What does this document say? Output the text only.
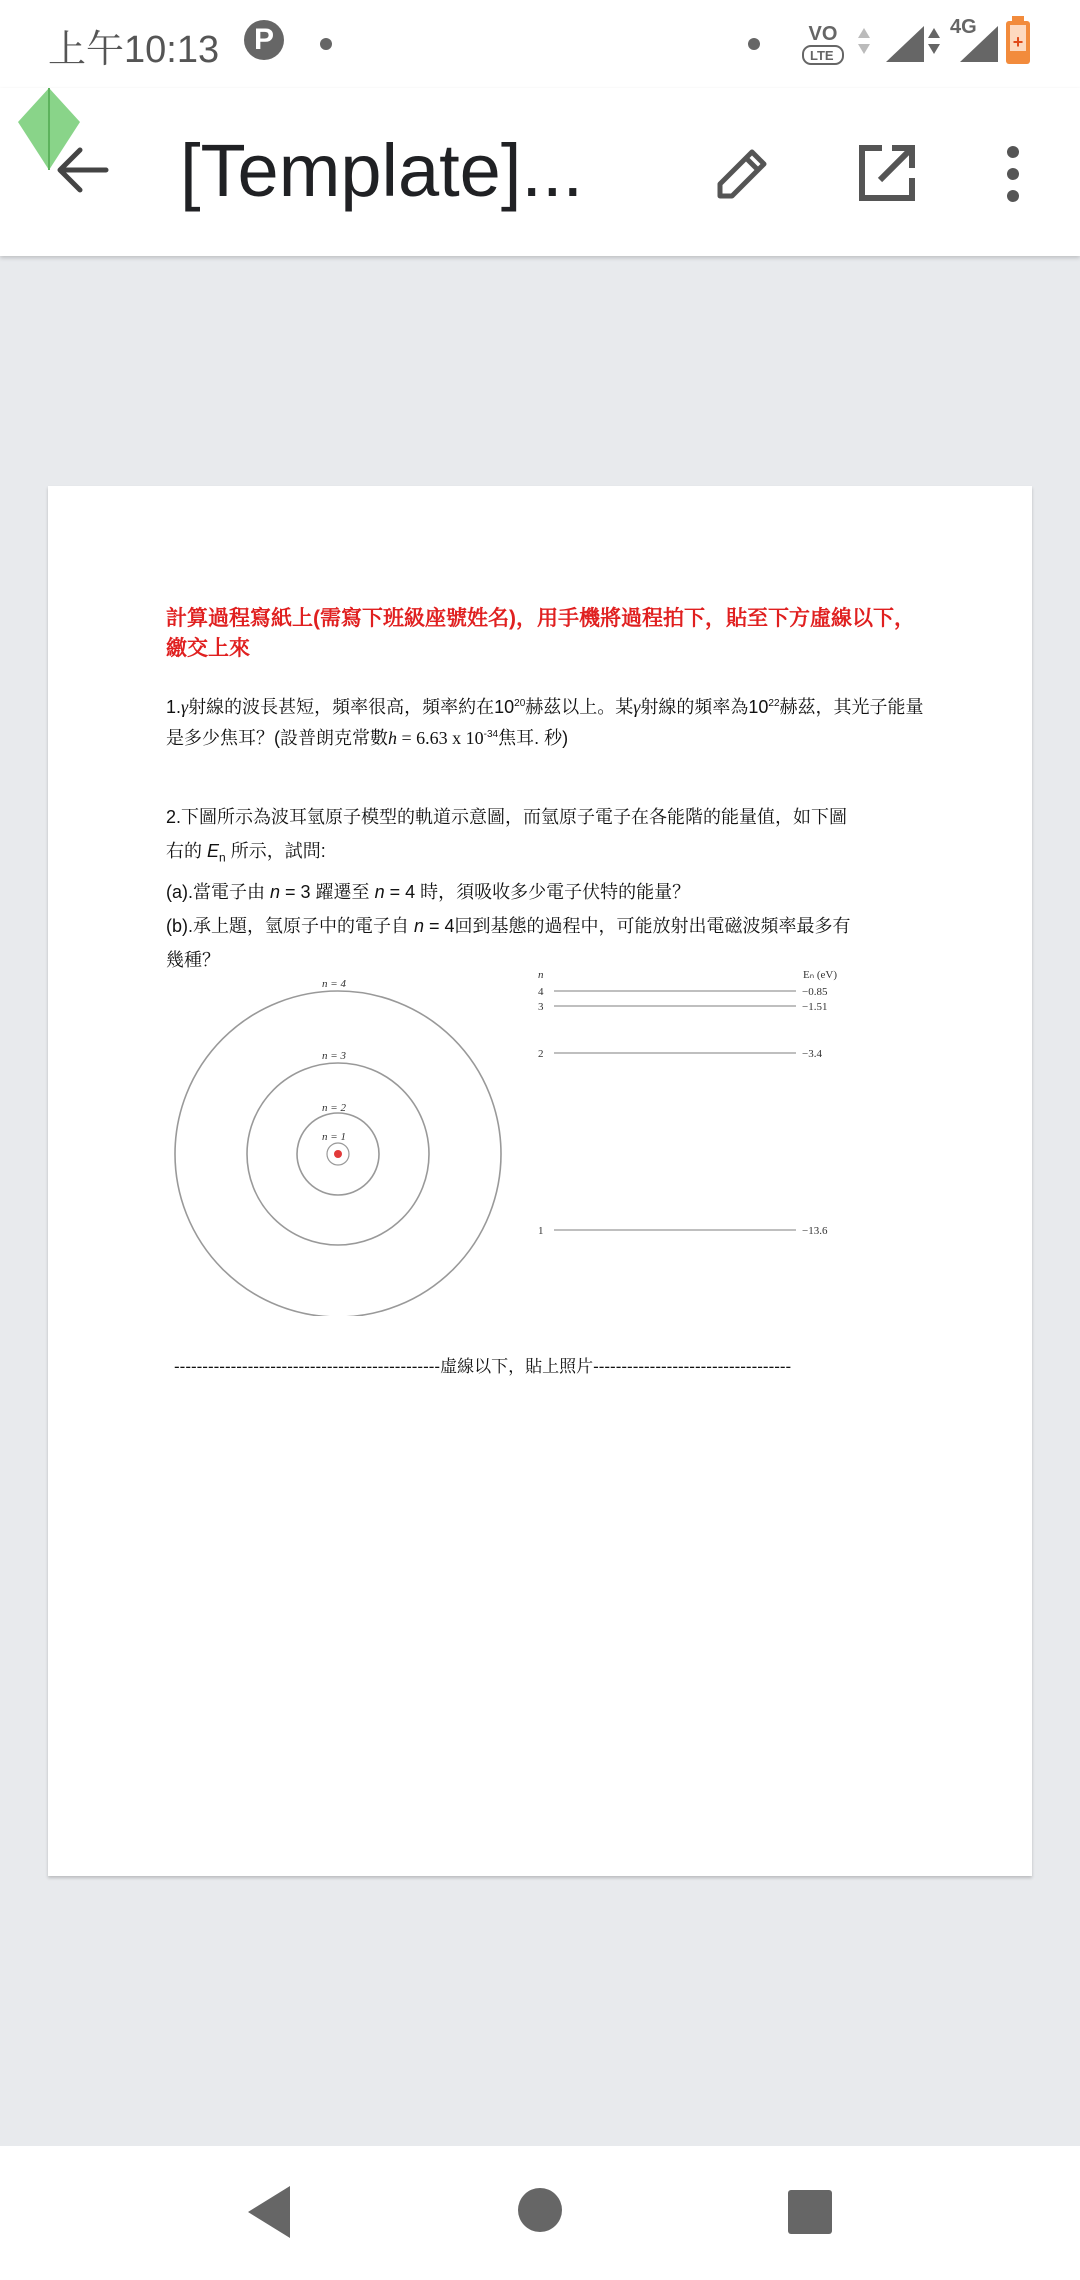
上午10:13	P	VO
LTE
4G
+
[Template]...
計算過程寫紙上(需寫下班級座號姓名)，用手機將過程拍下，貼至下方虛線以下，繳交上來
1.γ射線的波長甚短，頻率很高，頻率約在$10^{20}$赫茲以上。某γ射線的頻率為$10^{22}$赫茲，其光子能量是多少焦耳？(設普朗克常數h = 6.63 x $10^{-34}$焦耳. 秒)
2.下圖所示為波耳氫原子模型的軌道示意圖，而氫原子電子在各能階的能量值，如下圖
右的 $E_n$ 所示，試問:
(a).當電子由 n = 3 躍遷至 n = 4 時，須吸收多少電子伏特的能量？
(b).承上題，氫原子中的電子自 n = 4回到基態的過程中，可能放射出電磁波頻率最多有
幾種？
n = 4
n = 3
n = 2
n = 1
n	Eₙ (eV)
4	−0.85
3	−1.51
2	−3.4
1	−13.6
-----------------------------------------------虛線以下，貼上照片-----------------------------------
